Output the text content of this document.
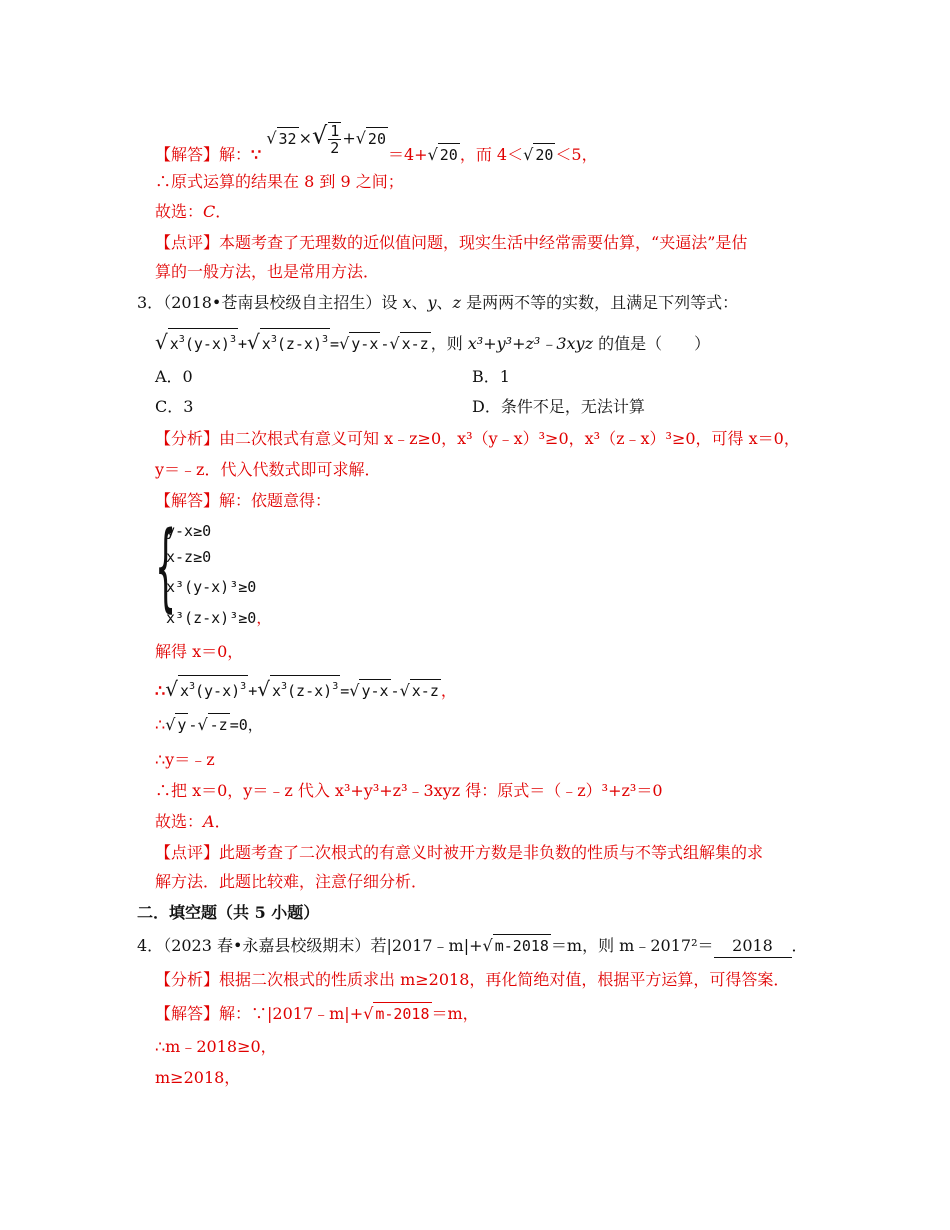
【解答】解：∵ √ 32 ×√ $\frac{1}{2}$ +√ 20＝4+√ 20 ，而 4＜√ 20 ＜5，
∴原式运算的结果在 8 到 9 之间；
故选：C．
【点评】本题考查了无理数的近似值问题，现实生活中经常需要估算，“夹逼法”是估
算的一般方法，也是常用方法．
3．（2018•苍南县校级自主招生）设 x、y、z 是两两不等的实数，且满足下列等式：
√ $x^3(y-x)^3$ +√ $x^3(z-x)^3$ =√ y-x -√ x-z ，则 x³+y³+z³﹣3xyz 的值是（　　）
A．0	B．1
C．3	D．条件不足，无法计算
【分析】由二次根式有意义可知 x﹣z≥0，x³（y﹣x）³≥0，x³（z﹣x）³≥0，可得 x＝0，
y＝﹣z．代入代数式即可求解．
【解答】解：依题意得：
{
y-x≥0
x-z≥0
x³(y-x)³≥0
x³(z-x)³≥0，
解得 x＝0，
∴√ $x^3(y-x)^3$ +√ $x^3(z-x)^3$ =√ y-x -√ x-z ，
∴√ y -√ -z =0，
∴y＝﹣z
∴把 x＝0，y＝﹣z 代入 x³+y³+z³﹣3xyz 得：原式＝（﹣z）³+z³＝0
故选：A．
【点评】此题考查了二次根式的有意义时被开方数是非负数的性质与不等式组解集的求
解方法．此题比较难，注意仔细分析．
二．填空题（共 5 小题）
4．（2023 春•永嘉县校级期末）若|2017﹣m|+√ m-2018 ＝m，则 m﹣2017²＝ 2018 ．
【分析】根据二次根式的性质求出 m≥2018，再化简绝对值，根据平方运算，可得答案．
【解答】解：∵|2017﹣m|+√ m-2018 ＝m，
∴m﹣2018≥0，
m≥2018，
